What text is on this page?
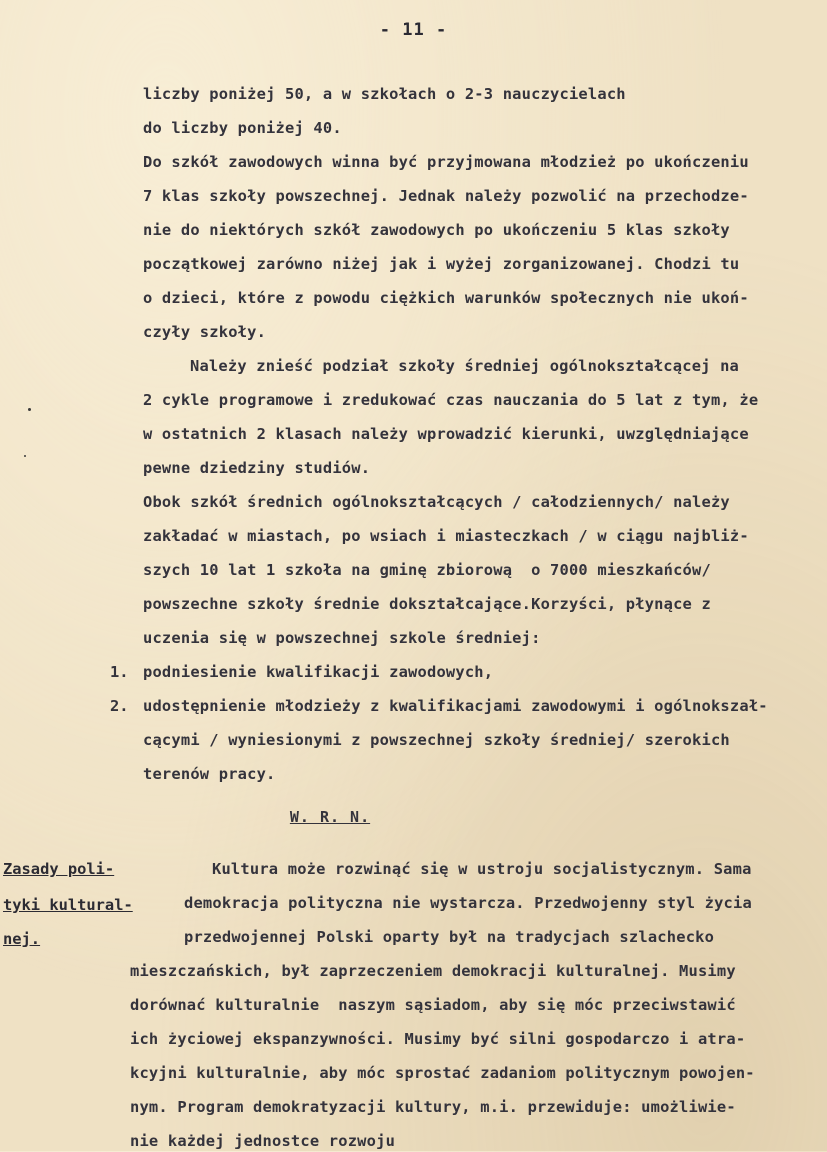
- 11 -
liczby poniżej 50, a w szkołach o 2-3 nauczycielach
do liczby poniżej 40.
Do szkół zawodowych winna być przyjmowana młodzież po ukończeniu
7 klas szkoły powszechnej. Jednak należy pozwolić na przechodze-
nie do niektórych szkół zawodowych po ukończeniu 5 klas szkoły
początkowej zarówno niżej jak i wyżej zorganizowanej. Chodzi tu
o dzieci, które z powodu ciężkich warunków społecznych nie ukoń-
czyły szkoły.
Należy znieść podział szkoły średniej ogólnokształcącej na
2 cykle programowe i zredukować czas nauczania do 5 lat z tym, że
w ostatnich 2 klasach należy wprowadzić kierunki, uwzględniające
pewne dziedziny studiów.
Obok szkół średnich ogólnokształcących / całodziennych/ należy
zakładać w miastach, po wsiach i miasteczkach / w ciągu najbliż-
szych 10 lat 1 szkoła na gminę zbiorową  o 7000 mieszkańców/
powszechne szkoły średnie dokształcające.Korzyści, płynące z
uczenia się w powszechnej szkole średniej:
1. podniesienie kwalifikacji zawodowych,
2. udostępnienie młodzieży z kwalifikacjami zawodowymi i ogólnokszał-
cącymi / wyniesionymi z powszechnej szkoły średniej/ szerokich
terenów pracy.
W. R. N.
Zasady poli-
tyki kultural-
nej.
Kultura może rozwinąć się w ustroju socjalistycznym. Sama
demokracja polityczna nie wystarcza. Przedwojenny styl życia
przedwojennej Polski oparty był na tradycjach szlachecko
mieszczańskich, był zaprzeczeniem demokracji kulturalnej. Musimy
dorównać kulturalnie  naszym sąsiadom, aby się móc przeciwstawić
ich życiowej ekspanzywności. Musimy być silni gospodarczo i atra-
kcyjni kulturalnie, aby móc sprostać zadaniom politycznym powojen-
nym. Program demokratyzacji kultury, m.i. przewiduje: umożliwie-
nie każdej jednostce rozwoju
